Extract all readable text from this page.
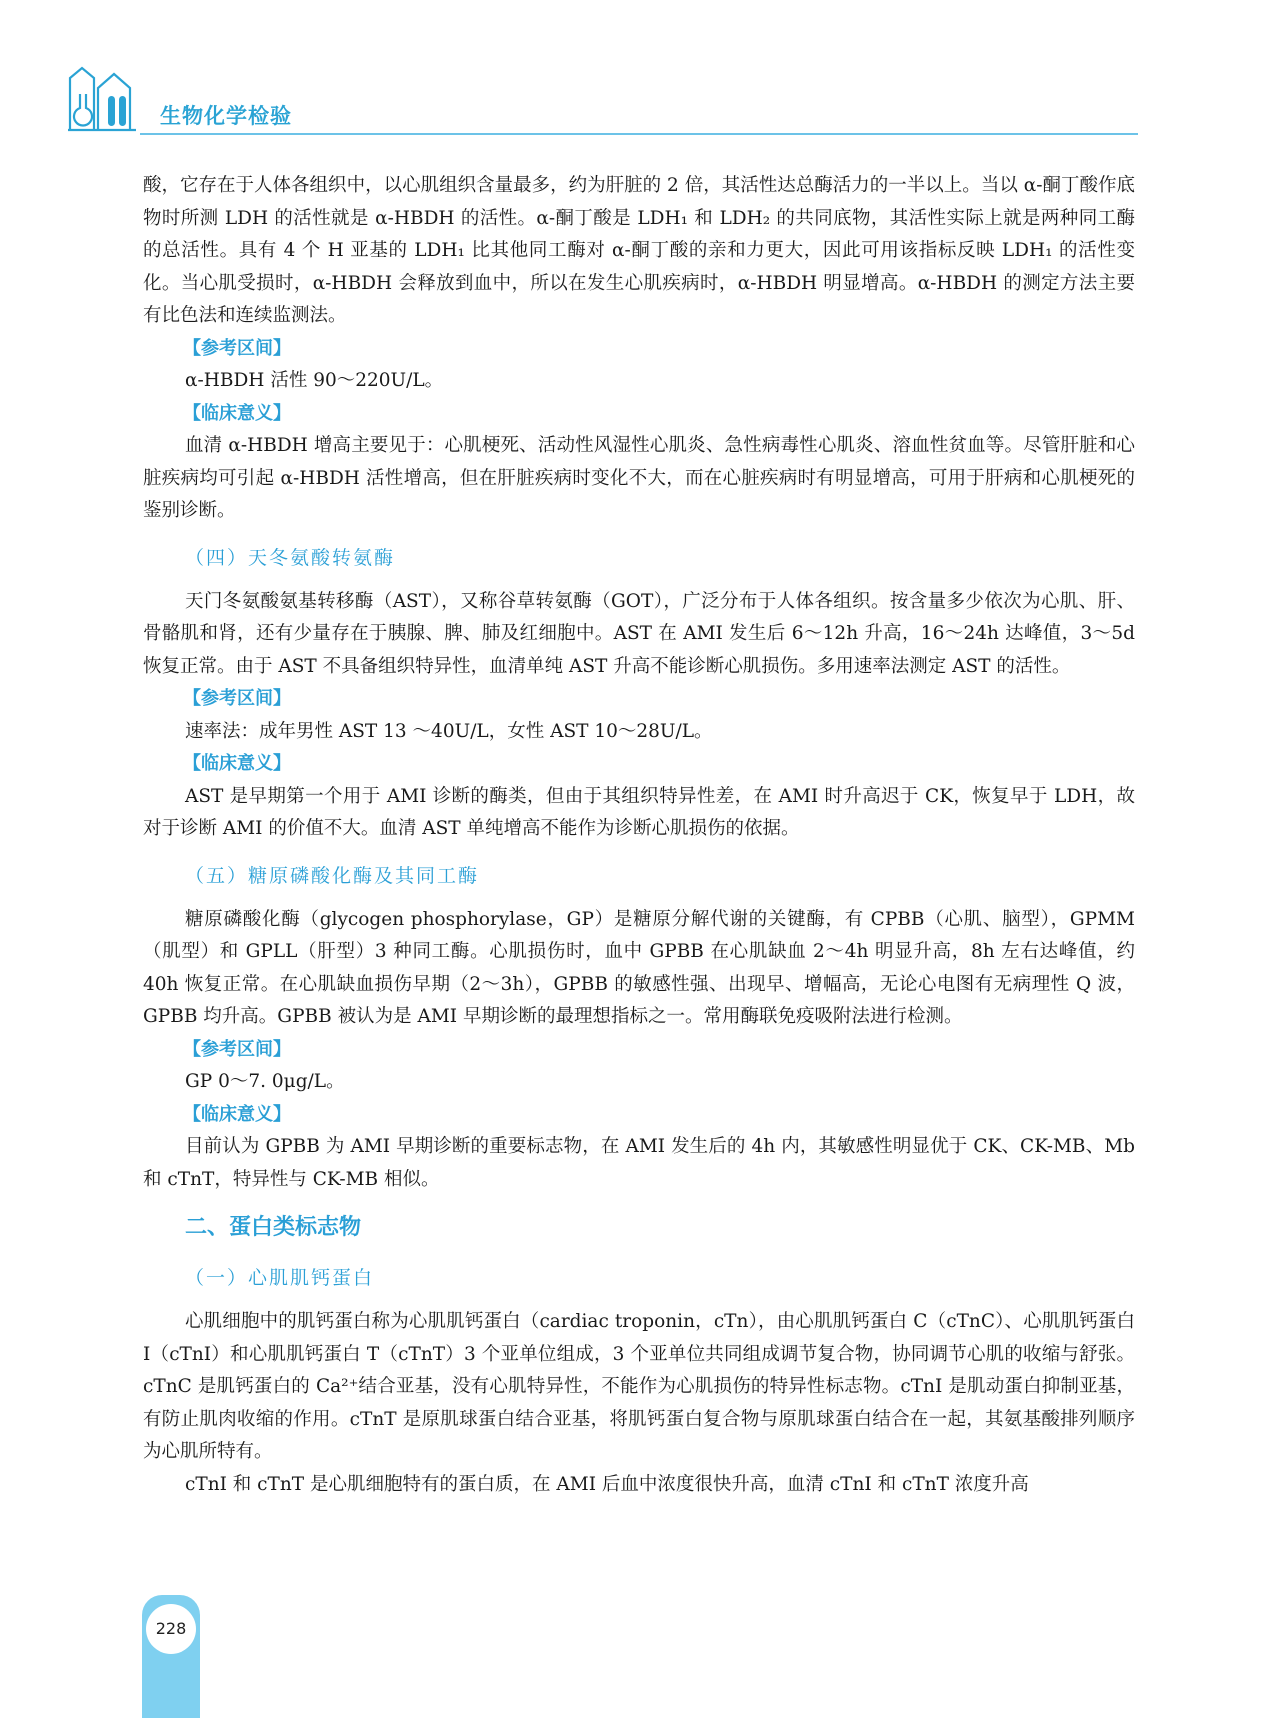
生物化学检验

酸，它存在于人体各组织中，以心肌组织含量最多，约为肝脏的 2 倍，其活性达总酶活力的一半以上。当以 α-酮丁酸作底物时所测 LDH 的活性就是 α-HBDH 的活性。α-酮丁酸是 LDH₁ 和 LDH₂ 的共同底物，其活性实际上就是两种同工酶的总活性。具有 4 个 H 亚基的 LDH₁ 比其他同工酶对 α-酮丁酸的亲和力更大，因此可用该指标反映 LDH₁ 的活性变化。当心肌受损时，α-HBDH 会释放到血中，所以在发生心肌疾病时，α-HBDH 明显增高。α-HBDH 的测定方法主要有比色法和连续监测法。

【参考区间】

α-HBDH 活性 90～220U/L。

【临床意义】

血清 α-HBDH 增高主要见于：心肌梗死、活动性风湿性心肌炎、急性病毒性心肌炎、溶血性贫血等。尽管肝脏和心脏疾病均可引起 α-HBDH 活性增高，但在肝脏疾病时变化不大，而在心脏疾病时有明显增高，可用于肝病和心肌梗死的鉴别诊断。

（四）天冬氨酸转氨酶

天门冬氨酸氨基转移酶（AST），又称谷草转氨酶（GOT），广泛分布于人体各组织。按含量多少依次为心肌、肝、骨骼肌和肾，还有少量存在于胰腺、脾、肺及红细胞中。AST 在 AMI 发生后 6～12h 升高，16～24h 达峰值，3～5d 恢复正常。由于 AST 不具备组织特异性，血清单纯 AST 升高不能诊断心肌损伤。多用速率法测定 AST 的活性。

【参考区间】

速率法：成年男性 AST 13 ～40U/L，女性 AST 10～28U/L。

【临床意义】

AST 是早期第一个用于 AMI 诊断的酶类，但由于其组织特异性差，在 AMI 时升高迟于 CK，恢复早于 LDH，故对于诊断 AMI 的价值不大。血清 AST 单纯增高不能作为诊断心肌损伤的依据。

（五）糖原磷酸化酶及其同工酶

糖原磷酸化酶（glycogen phosphorylase，GP）是糖原分解代谢的关键酶，有 CPBB（心肌、脑型），GPMM（肌型）和 GPLL（肝型）3 种同工酶。心肌损伤时，血中 GPBB 在心肌缺血 2～4h 明显升高，8h 左右达峰值，约 40h 恢复正常。在心肌缺血损伤早期（2～3h），GPBB 的敏感性强、出现早、增幅高，无论心电图有无病理性 Q 波，GPBB 均升高。GPBB 被认为是 AMI 早期诊断的最理想指标之一。常用酶联免疫吸附法进行检测。

【参考区间】

GP 0～7. 0μg/L。

【临床意义】

目前认为 GPBB 为 AMI 早期诊断的重要标志物，在 AMI 发生后的 4h 内，其敏感性明显优于 CK、CK-MB、Mb 和 cTnT，特异性与 CK-MB 相似。

二、蛋白类标志物
（一）心肌肌钙蛋白

心肌细胞中的肌钙蛋白称为心肌肌钙蛋白（cardiac troponin，cTn），由心肌肌钙蛋白 C（cTnC）、心肌肌钙蛋白 I（cTnI）和心肌肌钙蛋白 T（cTnT）3 个亚单位组成，3 个亚单位共同组成调节复合物，协同调节心肌的收缩与舒张。cTnC 是肌钙蛋白的 Ca²⁺结合亚基，没有心肌特异性，不能作为心肌损伤的特异性标志物。cTnI 是肌动蛋白抑制亚基，有防止肌肉收缩的作用。cTnT 是原肌球蛋白结合亚基，将肌钙蛋白复合物与原肌球蛋白结合在一起，其氨基酸排列顺序为心肌所特有。

cTnI 和 cTnT 是心肌细胞特有的蛋白质，在 AMI 后血中浓度很快升高，血清 cTnI 和 cTnT 浓度升高

228
